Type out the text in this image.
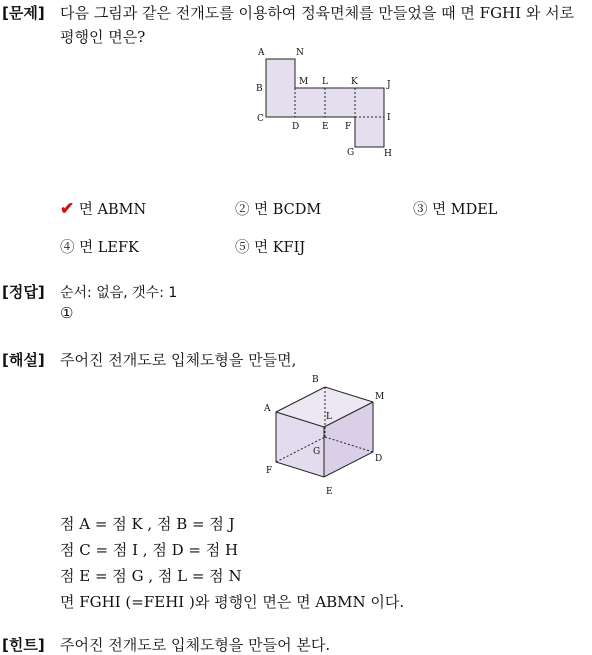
[문제] 다음 그림과 같은 전개도를 이용하여 정육면체를 만들었을 때 면 FGHI 와 서로
평행인 면은?
A	N
B
M L	K	J
C	I
D	E F
G	H
✔ 면 ABMN	② 면 BCDM	③ 면 MDEL
④ 면 LEFK	⑤ 면 KFIJ
[정답] 순서: 없음, 갯수: 1
①
[해설] 주어진 전개도로 입체도형을 만들면,
B
M
A
L
G
D
F
E
점 A = 점 K , 점 B = 점 J
점 C = 점 I , 점 D = 점 H
점 E = 점 G , 점 L = 점 N
면 FGHI (=FEHI )와 평행인 면은 면 ABMN 이다.
[힌트] 주어진 전개도로 입체도형을 만들어 본다.
